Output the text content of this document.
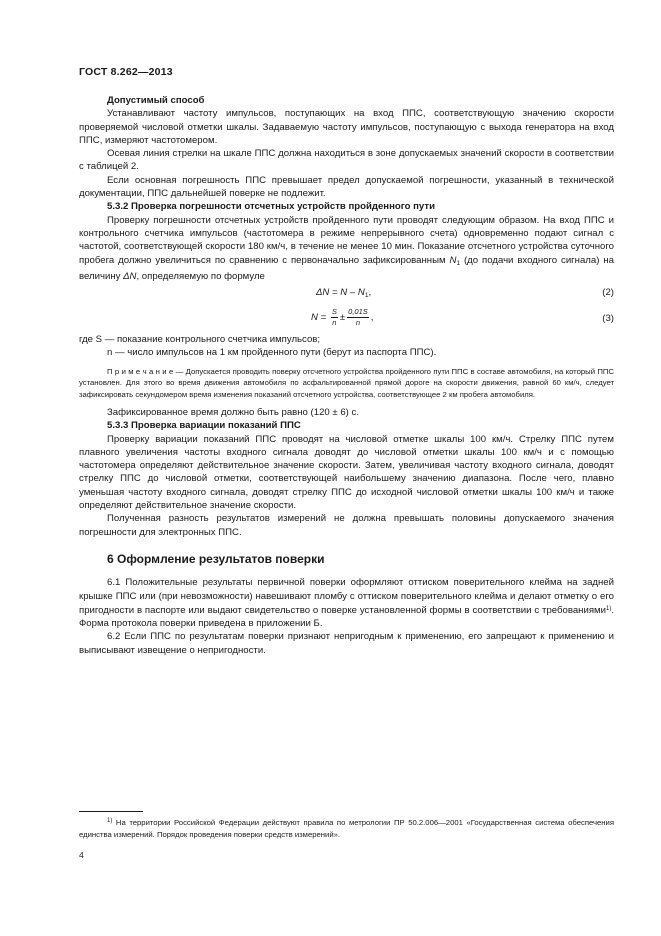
ГОСТ 8.262—2013

Допустимый способ

Устанавливают частоту импульсов, поступающих на вход ППС, соответствующую значению скорости проверяемой числовой отметки шкалы. Задаваемую частоту импульсов, поступающую с выхода генератора на вход ППС, измеряют частотомером.

Осевая линия стрелки на шкале ППС должна находиться в зоне допускаемых значений скорости в соответствии с таблицей 2.

Если основная погрешность ППС превышает предел допускаемой погрешности, указанный в технической документации, ППС дальнейшей поверке не подлежит.

5.3.2 Проверка погрешности отсчетных устройств пройденного пути

Проверку погрешности отсчетных устройств пройденного пути проводят следующим образом. На вход ППС и контрольного счетчика импульсов (частотомера в режиме непрерывного счета) одновременно подают сигнал с частотой, соответствующей скорости 180 км/ч, в течение не менее 10 мин. Показание отсчетного устройства суточного пробега должно увеличиться по сравнению с первоначально зафиксированным $N_1$ (до подачи входного сигнала) на величину ΔN, определяемую по формуле

$\Delta N = N - N_1$,	(2)
$N = \frac{S}{n} \pm \frac{0,01S}{n}$ ,	(3)

где S — показание контрольного счетчика импульсов;

n — число импульсов на 1 км пройденного пути (берут из паспорта ППС).

П р и м е ч а н и е — Допускается проводить поверку отсчетного устройства пройденного пути ППС в составе автомобиля, на который ППС установлен. Для этого во время движения автомобиля по асфальтированной прямой дороге на скорости движения, равной 60 км/ч, следует зафиксировать секундомером время изменения показаний отсчетного устройства, соответствующее 2 км пробега автомобиля.

Зафиксированное время должно быть равно (120 ± 6) с.

5.3.3 Проверка вариации показаний ППС

Проверку вариации показаний ППС проводят на числовой отметке шкалы 100 км/ч. Стрелку ППС путем плавного увеличения частоты входного сигнала доводят до числовой отметки шкалы 100 км/ч и с помощью частотомера определяют действительное значение скорости. Затем, увеличивая частоту входного сигнала, доводят стрелку ППС до числовой отметки, соответствующей наибольшему значению диапазона. После чего, плавно уменьшая частоту входного сигнала, доводят стрелку ППС до исходной числовой отметки шкалы 100 км/ч и также определяют действительное значение скорости.

Полученная разность результатов измерений не должна превышать половины допускаемого значения погрешности для электронных ППС.

6 Оформление результатов поверки

6.1 Положительные результаты первичной поверки оформляют оттиском поверительного клейма на задней крышке ППС или (при невозможности) навешивают пломбу с оттиском поверительного клейма и делают отметку о его пригодности в паспорте или выдают свидетельство о поверке установленной формы в соответствии с требованиями$^{1)}$. Форма протокола поверки приведена в приложении Б.

6.2 Если ППС по результатам поверки признают непригодным к применению, его запрещают к применению и выписывают извещение о непригодности.

$^{1)}$ На территории Российской Федерации действуют правила по метрологии ПР 50.2.006—2001 «Государственная система обеспечения единства измерений. Порядок проведения поверки средств измерений».
4
